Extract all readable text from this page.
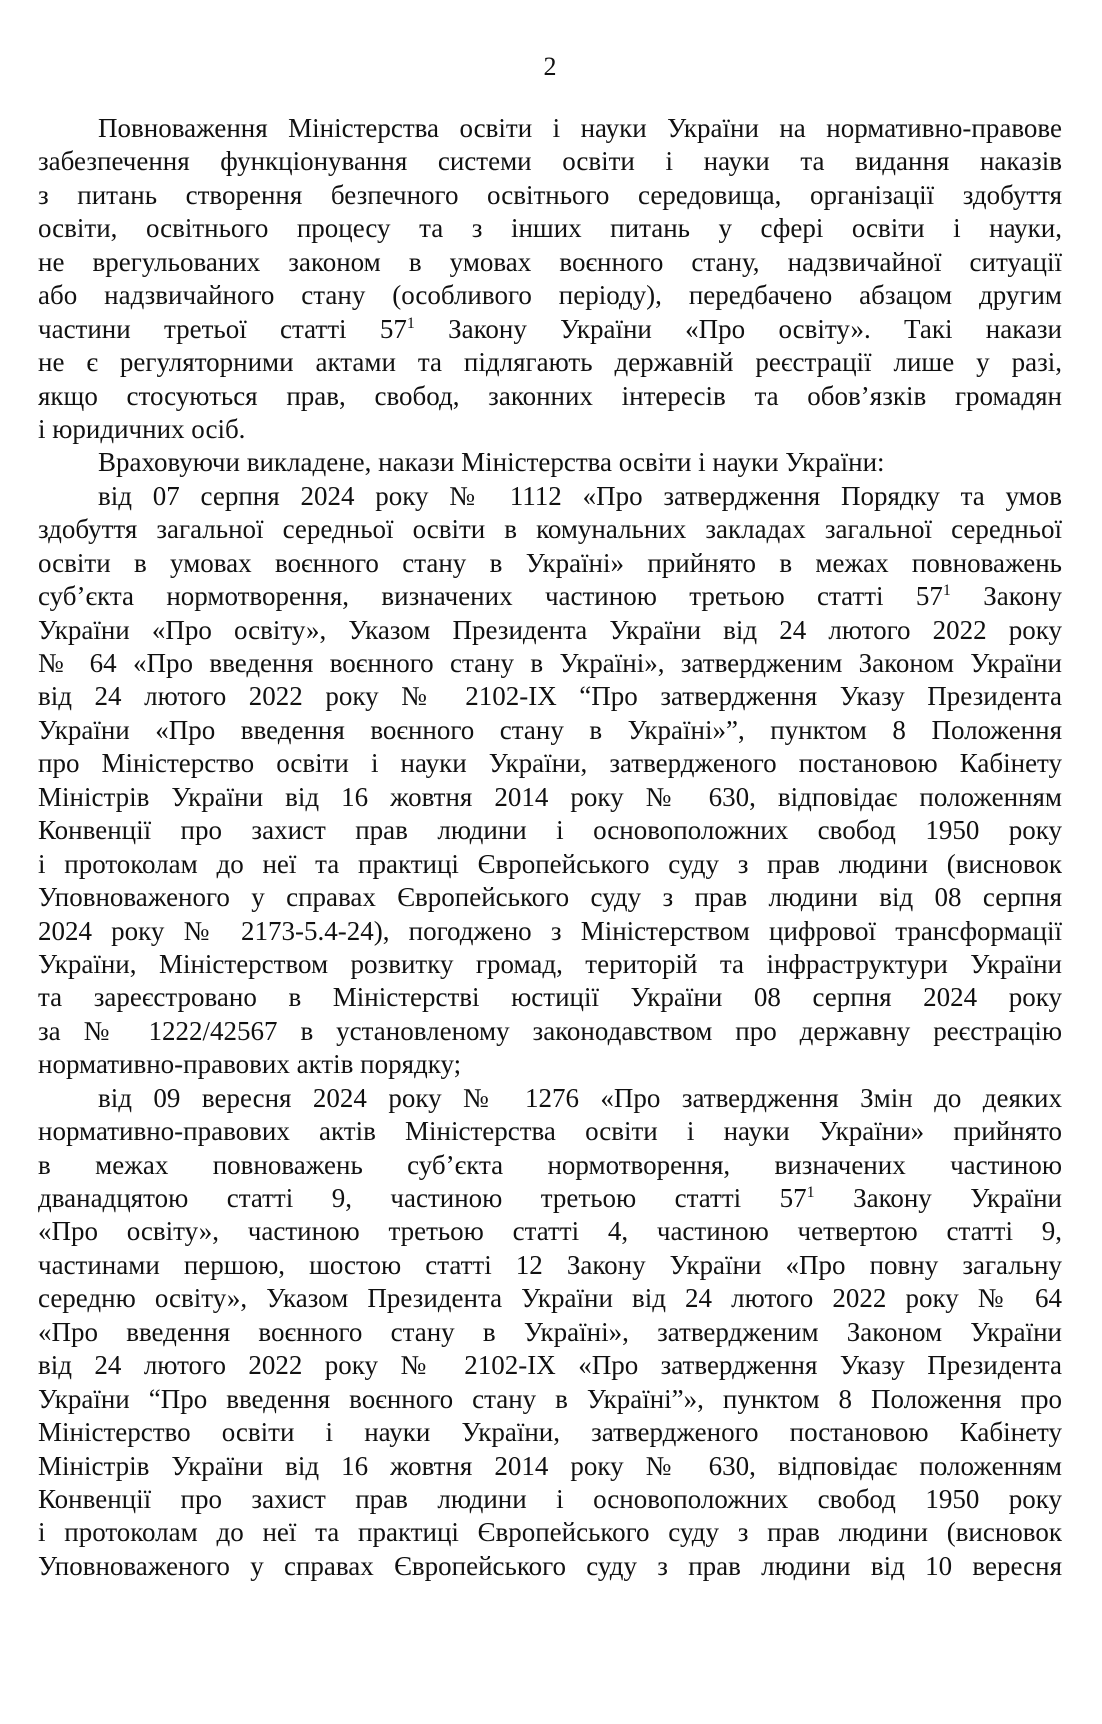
2
Повноваження Міністерства освіти і науки України на нормативно-правове
забезпечення функціонування системи освіти і науки та видання наказів
з питань створення безпечного освітнього середовища, організації здобуття
освіти, освітнього процесу та з інших питань у сфері освіти і науки,
не врегульованих законом в умовах воєнного стану, надзвичайної ситуації
або надзвичайного стану (особливого періоду), передбачено абзацом другим
частини третьої статті $57^1$ Закону України «Про освіту». Такі накази
не є регуляторними актами та підлягають державній реєстрації лише у разі,
якщо стосуються прав, свобод, законних інтересів та обов’язків громадян
і юридичних осіб.
Враховуючи викладене, накази Міністерства освіти і науки України:
від 07 серпня 2024 року № 1112 «Про затвердження Порядку та умов
здобуття загальної середньої освіти в комунальних закладах загальної середньої
освіти в умовах воєнного стану в Україні» прийнято в межах повноважень
суб’єкта нормотворення, визначених частиною третьою статті $57^1$ Закону
України «Про освіту», Указом Президента України від 24 лютого 2022 року
№ 64 «Про введення воєнного стану в Україні», затвердженим Законом України
від 24 лютого 2022 року № 2102-ІХ “Про затвердження Указу Президента
України «Про введення воєнного стану в Україні»”, пунктом 8 Положення
про Міністерство освіти і науки України, затвердженого постановою Кабінету
Міністрів України від 16 жовтня 2014 року № 630, відповідає положенням
Конвенції про захист прав людини і основоположних свобод 1950 року
і протоколам до неї та практиці Європейського суду з прав людини (висновок
Уповноваженого у справах Європейського суду з прав людини від 08 серпня
2024 року № 2173-5.4-24), погоджено з Міністерством цифрової трансформації
України, Міністерством розвитку громад, територій та інфраструктури України
та зареєстровано в Міністерстві юстиції України 08 серпня 2024 року
за № 1222/42567 в установленому законодавством про державну реєстрацію
нормативно-правових актів порядку;
від 09 вересня 2024 року № 1276 «Про затвердження Змін до деяких
нормативно-правових актів Міністерства освіти і науки України» прийнято
в межах повноважень суб’єкта нормотворення, визначених частиною
дванадцятою статті 9, частиною третьою статті $57^1$ Закону України
«Про освіту», частиною третьою статті 4, частиною четвертою статті 9,
частинами першою, шостою статті 12 Закону України «Про повну загальну
середню освіту», Указом Президента України від 24 лютого 2022 року № 64
«Про введення воєнного стану в Україні», затвердженим Законом України
від 24 лютого 2022 року № 2102-ІХ «Про затвердження Указу Президента
України “Про введення воєнного стану в Україні”», пунктом 8 Положення про
Міністерство освіти і науки України, затвердженого постановою Кабінету
Міністрів України від 16 жовтня 2014 року № 630, відповідає положенням
Конвенції про захист прав людини і основоположних свобод 1950 року
і протоколам до неї та практиці Європейського суду з прав людини (висновок
Уповноваженого у справах Європейського суду з прав людини від 10 вересня
